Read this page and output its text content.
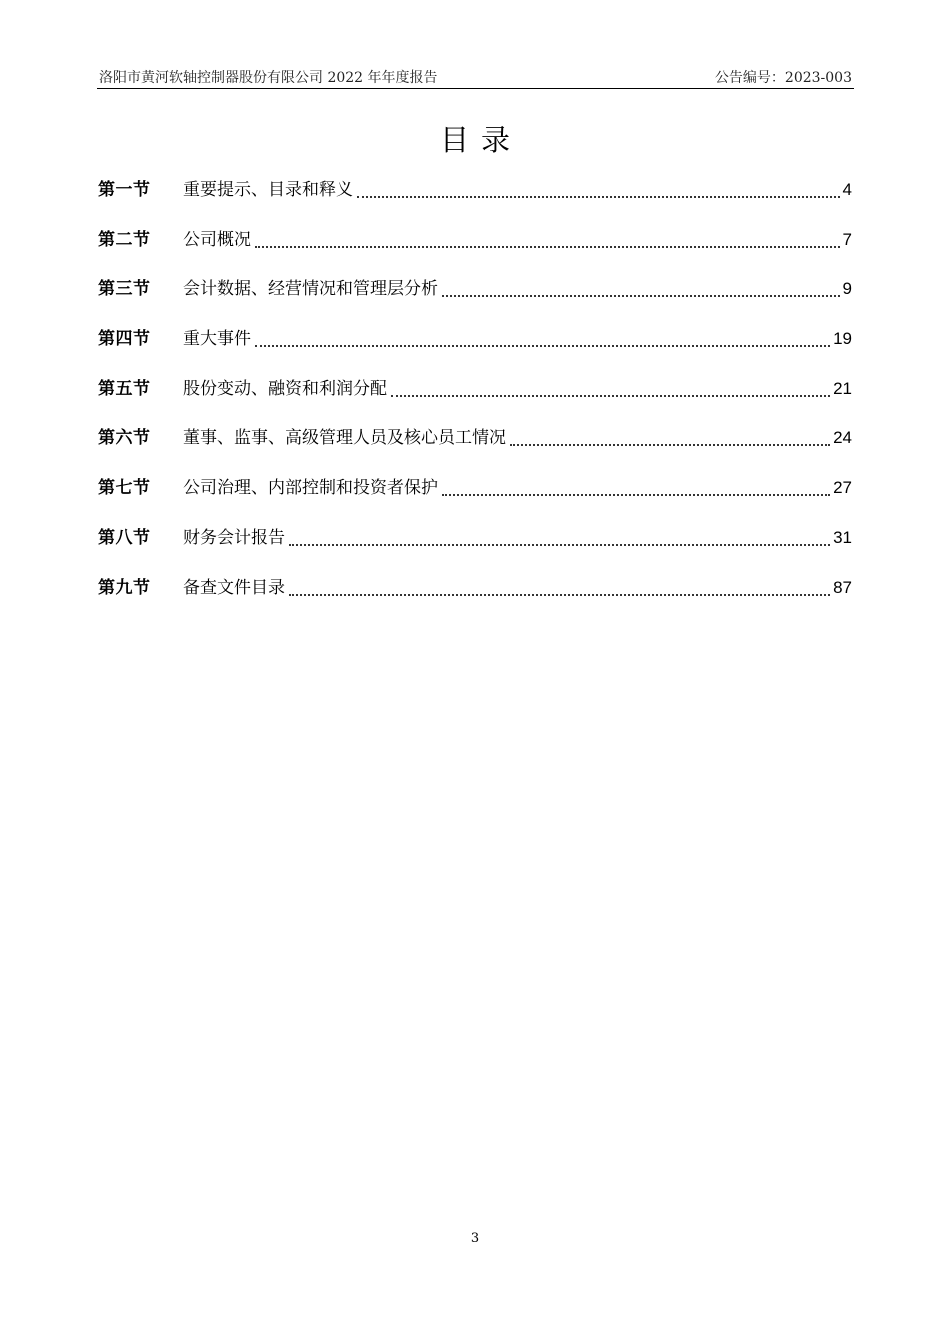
洛阳市黄河软轴控制器股份有限公司 2022 年年度报告	公告编号：2023-003
目录
第一节	重要提示、目录和释义	4
第二节	公司概况	7
第三节	会计数据、经营情况和管理层分析	9
第四节	重大事件	19
第五节	股份变动、融资和利润分配	21
第六节	董事、监事、高级管理人员及核心员工情况	24
第七节	公司治理、内部控制和投资者保护	27
第八节	财务会计报告	31
第九节	备查文件目录	87
3
